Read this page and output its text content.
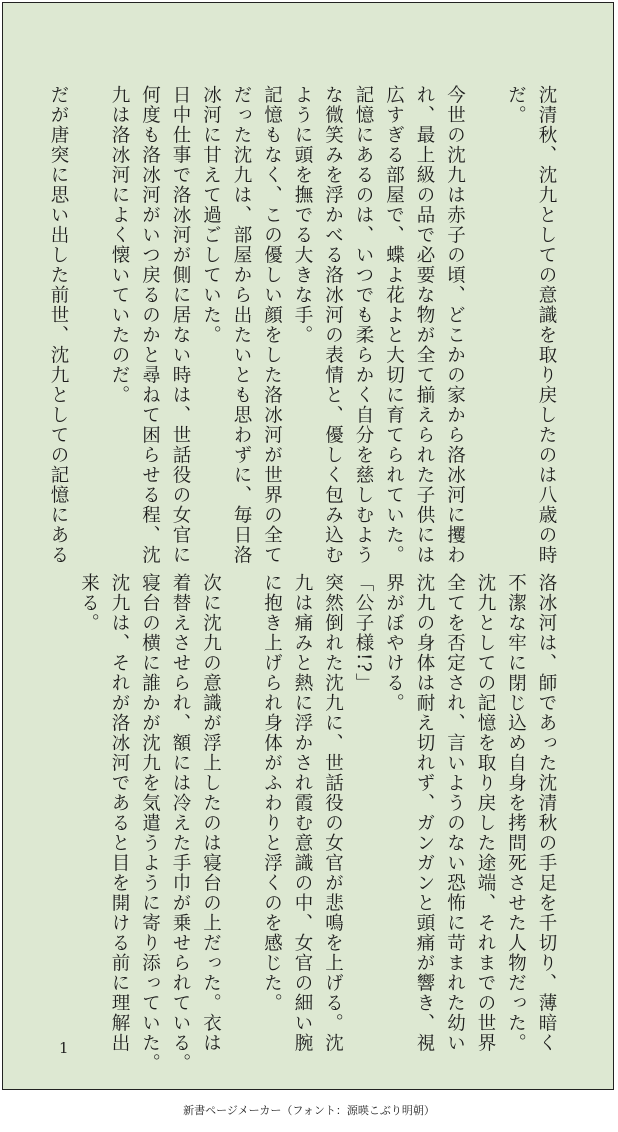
沈清秋、沈九としての意識を取り戻したのは八歳の時
だ。

今世の沈九は赤子の頃、どこかの家から洛冰河に攫わ
れ、最上級の品で必要な物が全て揃えられた子供には
広すぎる部屋で、蝶よ花よと大切に育てられていた。
記憶にあるのは、いつでも柔らかく自分を慈しむよう
な微笑みを浮かべる洛冰河の表情と、優しく包み込む
ように頭を撫でる大きな手。
記憶もなく、この優しい顔をした洛冰河が世界の全て
だった沈九は、部屋から出たいとも思わずに、毎日洛
冰河に甘えて過ごしていた。
日中仕事で洛冰河が側に居ない時は、世話役の女官に
何度も洛冰河がいつ戻るのかと尋ねて困らせる程、沈
九は洛冰河によく懐いていたのだ。

だが唐突に思い出した前世、沈九としての記憶にある
洛冰河は、師であった沈清秋の手足を千切り、薄暗く
不潔な牢に閉じ込め自身を拷問死させた人物だった。
沈九としての記憶を取り戻した途端、それまでの世界
全てを否定され、言いようのない恐怖に苛まれた幼い
沈九の身体は耐え切れず、ガンガンと頭痛が響き、視
界がぼやける。
「公子様!?」
突然倒れた沈九に、世話役の女官が悲鳴を上げる。沈
九は痛みと熱に浮かされ霞む意識の中、女官の細い腕
に抱き上げられ身体がふわりと浮くのを感じた。

次に沈九の意識が浮上したのは寝台の上だった。衣は
着替えさせられ、額には冷えた手巾が乗せられている。
寝台の横に誰かが沈九を気遣うように寄り添っていた。
沈九は、それが洛冰河であると目を開ける前に理解出
来る。
1
新書ページメーカー（フォント：源暎こぶり明朝）
